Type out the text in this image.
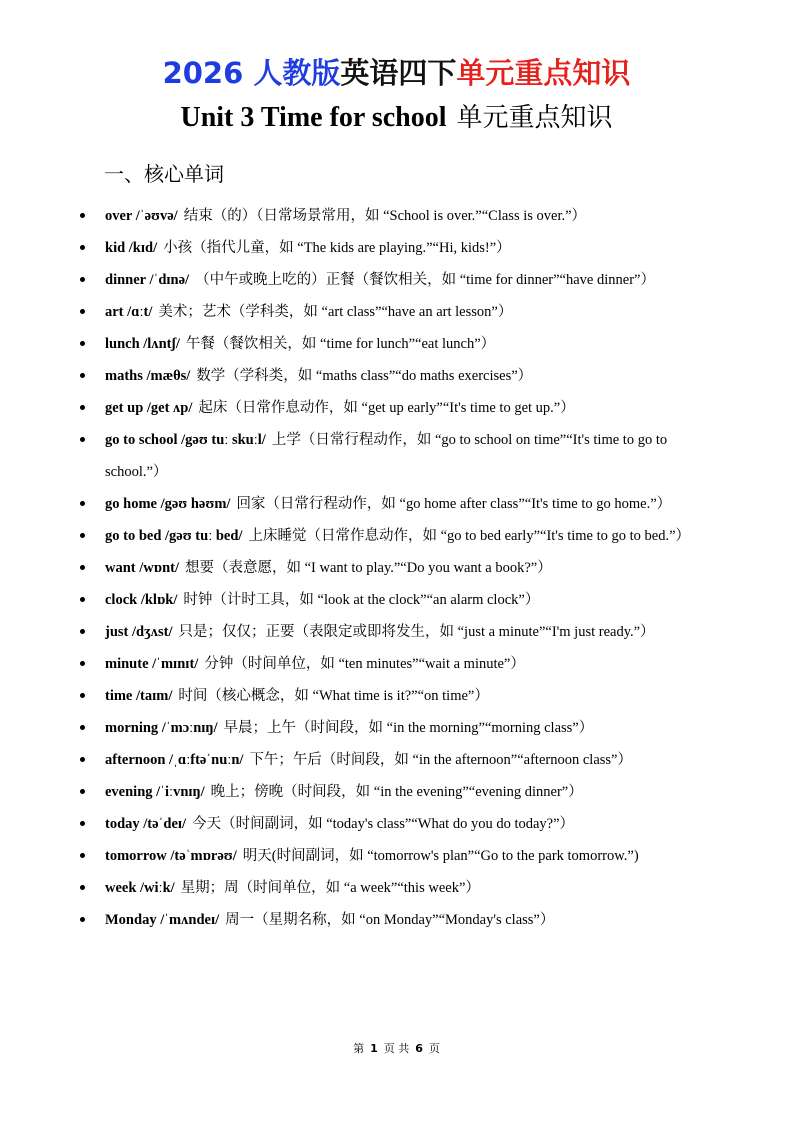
2026 人教版英语四下单元重点知识
Unit 3 Time for school 单元重点知识
一、核心单词
over /ˈəʊvə/ 结束（的）（日常场景常用，如 “School is over.”“Class is over.”）
kid /kɪd/ 小孩（指代儿童，如 “The kids are playing.”“Hi, kids!”）
dinner /ˈdɪnə/ （中午或晚上吃的）正餐（餐饮相关，如 “time for dinner”“have dinner”）
art /ɑːt/ 美术；艺术（学科类，如 “art class”“have an art lesson”）
lunch /lʌntʃ/ 午餐（餐饮相关，如 “time for lunch”“eat lunch”）
maths /mæθs/ 数学（学科类，如 “maths class”“do maths exercises”）
get up /get ʌp/ 起床（日常作息动作，如 “get up early”“It's time to get up.”）
go to school /gəʊ tuː skuːl/ 上学（日常行程动作，如 “go to school on time”“It's time to go to school.”）
go home /gəʊ həʊm/ 回家（日常行程动作，如 “go home after class”“It's time to go home.”）
go to bed /gəʊ tuː bed/ 上床睡觉（日常作息动作，如 “go to bed early”“It's time to go to bed.”）
want /wɒnt/ 想要（表意愿，如 “I want to play.”“Do you want a book?”）
clock /klɒk/ 时钟（计时工具，如 “look at the clock”“an alarm clock”）
just /dʒʌst/ 只是；仅仅；正要（表限定或即将发生，如 “just a minute”“I'm just ready.”）
minute /ˈmɪnɪt/ 分钟（时间单位，如 “ten minutes”“wait a minute”）
time /taɪm/ 时间（核心概念，如 “What time is it?”“on time”）
morning /ˈmɔːnɪŋ/ 早晨；上午（时间段，如 “in the morning”“morning class”）
afternoon /ˌɑːftəˈnuːn/ 下午；午后（时间段，如 “in the afternoon”“afternoon class”）
evening /ˈiːvnɪŋ/ 晚上；傍晚（时间段，如 “in the evening”“evening dinner”）
today /təˈdeɪ/ 今天（时间副词，如 “today's class”“What do you do today?”）
tomorrow /təˈmɒrəʊ/ 明天(时间副词，如 “tomorrow's plan”“Go to the park tomorrow.”)
week /wiːk/ 星期；周（时间单位，如 “a week”“this week”）
Monday /ˈmʌndeɪ/ 周一（星期名称，如 “on Monday”“Monday's class”）
第 1 页 共 6 页
